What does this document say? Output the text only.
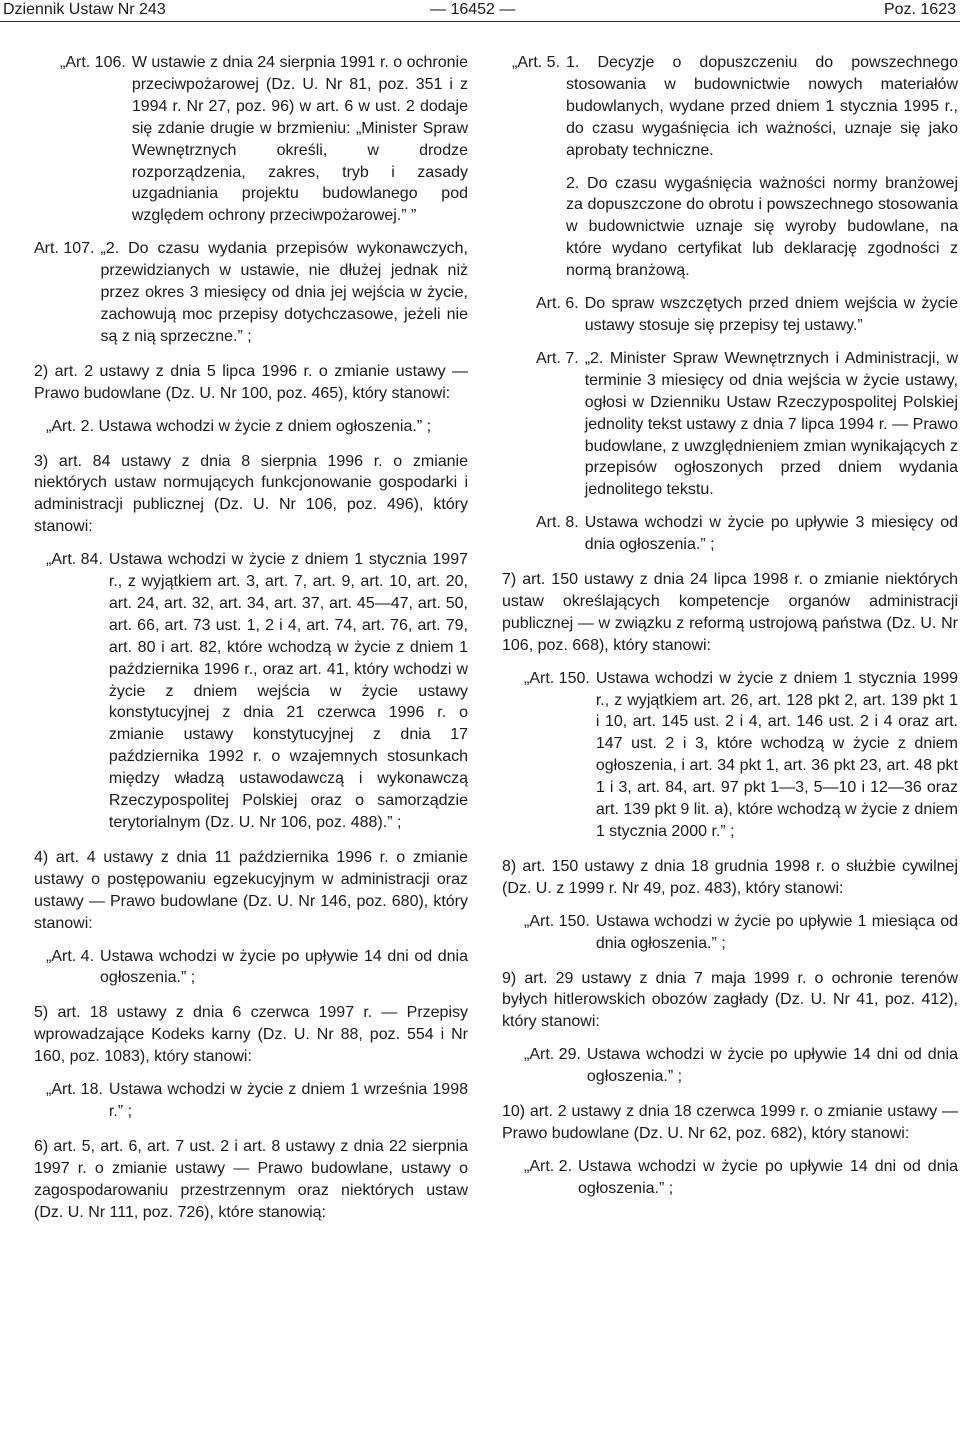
Dziennik Ustaw Nr 243	— 16452 —	Poz. 1623
„Art. 106. W ustawie z dnia 24 sierpnia 1991 r. o ochronie przeciwpożarowej (Dz. U. Nr 81, poz. 351 i z 1994 r. Nr 27, poz. 96) w art. 6 w ust. 2 dodaje się zdanie drugie w brzmieniu: „Minister Spraw Wewnętrznych określi, w drodze rozporządzenia, zakres, tryb i zasady uzgadniania projektu budowlanego pod względem ochrony przeciwpożarowej.” ”
Art. 107. „2. Do czasu wydania przepisów wykonawczych, przewidzianych w ustawie, nie dłużej jednak niż przez okres 3 miesięcy od dnia jej wejścia w życie, zachowują moc przepisy dotychczasowe, jeżeli nie są z nią sprzeczne.” ;

2) art. 2 ustawy z dnia 5 lipca 1996 r. o zmianie ustawy — Prawo budowlane (Dz. U. Nr 100, poz. 465), który stanowi:

„Art. 2. Ustawa wchodzi w życie z dniem ogłoszenia.” ;

3) art. 84 ustawy z dnia 8 sierpnia 1996 r. o zmianie niektórych ustaw normujących funkcjonowanie gospodarki i administracji publicznej (Dz. U. Nr 106, poz. 496), który stanowi:

„Art. 84. Ustawa wchodzi w życie z dniem 1 stycznia 1997 r., z wyjątkiem art. 3, art. 7, art. 9, art. 10, art. 20, art. 24, art. 32, art. 34, art. 37, art. 45—47, art. 50, art. 66, art. 73 ust. 1, 2 i 4, art. 74, art. 76, art. 79, art. 80 i art. 82, które wchodzą w życie z dniem 1 października 1996 r., oraz art. 41, który wchodzi w życie z dniem wejścia w życie ustawy konstytucyjnej z dnia 21 czerwca 1996 r. o zmianie ustawy konstytucyjnej z dnia 17 października 1992 r. o wzajemnych stosunkach między władzą ustawodawczą i wykonawczą Rzeczypospolitej Polskiej oraz o samorządzie terytorialnym (Dz. U. Nr 106, poz. 488).” ;

4) art. 4 ustawy z dnia 11 października 1996 r. o zmianie ustawy o postępowaniu egzekucyjnym w administracji oraz ustawy — Prawo budowlane (Dz. U. Nr 146, poz. 680), który stanowi:

„Art. 4. Ustawa wchodzi w życie po upływie 14 dni od dnia ogłoszenia.” ;

5) art. 18 ustawy z dnia 6 czerwca 1997 r. — Przepisy wprowadzające Kodeks karny (Dz. U. Nr 88, poz. 554 i Nr 160, poz. 1083), który stanowi:

„Art. 18. Ustawa wchodzi w życie z dniem 1 września 1998 r.” ;

6) art. 5, art. 6, art. 7 ust. 2 i art. 8 ustawy z dnia 22 sierpnia 1997 r. o zmianie ustawy — Prawo budowlane, ustawy o zagospodarowaniu przestrzennym oraz niektórych ustaw (Dz. U. Nr 111, poz. 726), które stanowią:

„Art. 5. 1. Decyzje o dopuszczeniu do powszechnego stosowania w budownictwie nowych materiałów budowlanych, wydane przed dniem 1 stycznia 1995 r., do czasu wygaśnięcia ich ważności, uznaje się jako aprobaty techniczne.
2. Do czasu wygaśnięcia ważności normy branżowej za dopuszczone do obrotu i powszechnego stosowania w budownictwie uznaje się wyroby budowlane, na które wydano certyfikat lub deklarację zgodności z normą branżową.
Art. 6. Do spraw wszczętych przed dniem wejścia w życie ustawy stosuje się przepisy tej ustawy.”
Art. 7. „2. Minister Spraw Wewnętrznych i Administracji, w terminie 3 miesięcy od dnia wejścia w życie ustawy, ogłosi w Dzienniku Ustaw Rzeczypospolitej Polskiej jednolity tekst ustawy z dnia 7 lipca 1994 r. — Prawo budowlane, z uwzględnieniem zmian wynikających z przepisów ogłoszonych przed dniem wydania jednolitego tekstu.
Art. 8. Ustawa wchodzi w życie po upływie 3 miesięcy od dnia ogłoszenia.” ;

7) art. 150 ustawy z dnia 24 lipca 1998 r. o zmianie niektórych ustaw określających kompetencje organów administracji publicznej — w związku z reformą ustrojową państwa (Dz. U. Nr 106, poz. 668), który stanowi:

„Art. 150. Ustawa wchodzi w życie z dniem 1 stycznia 1999 r., z wyjątkiem art. 26, art. 128 pkt 2, art. 139 pkt 1 i 10, art. 145 ust. 2 i 4, art. 146 ust. 2 i 4 oraz art. 147 ust. 2 i 3, które wchodzą w życie z dniem ogłoszenia, i art. 34 pkt 1, art. 36 pkt 23, art. 48 pkt 1 i 3, art. 84, art. 97 pkt 1—3, 5—10 i 12—36 oraz art. 139 pkt 9 lit. a), które wchodzą w życie z dniem 1 stycznia 2000 r.” ;

8) art. 150 ustawy z dnia 18 grudnia 1998 r. o służbie cywilnej (Dz. U. z 1999 r. Nr 49, poz. 483), który stanowi:

„Art. 150. Ustawa wchodzi w życie po upływie 1 miesiąca od dnia ogłoszenia.” ;

9) art. 29 ustawy z dnia 7 maja 1999 r. o ochronie terenów byłych hitlerowskich obozów zagłady (Dz. U. Nr 41, poz. 412), który stanowi:

„Art. 29. Ustawa wchodzi w życie po upływie 14 dni od dnia ogłoszenia.” ;

10) art. 2 ustawy z dnia 18 czerwca 1999 r. o zmianie ustawy — Prawo budowlane (Dz. U. Nr 62, poz. 682), który stanowi:

„Art. 2. Ustawa wchodzi w życie po upływie 14 dni od dnia ogłoszenia.” ;
